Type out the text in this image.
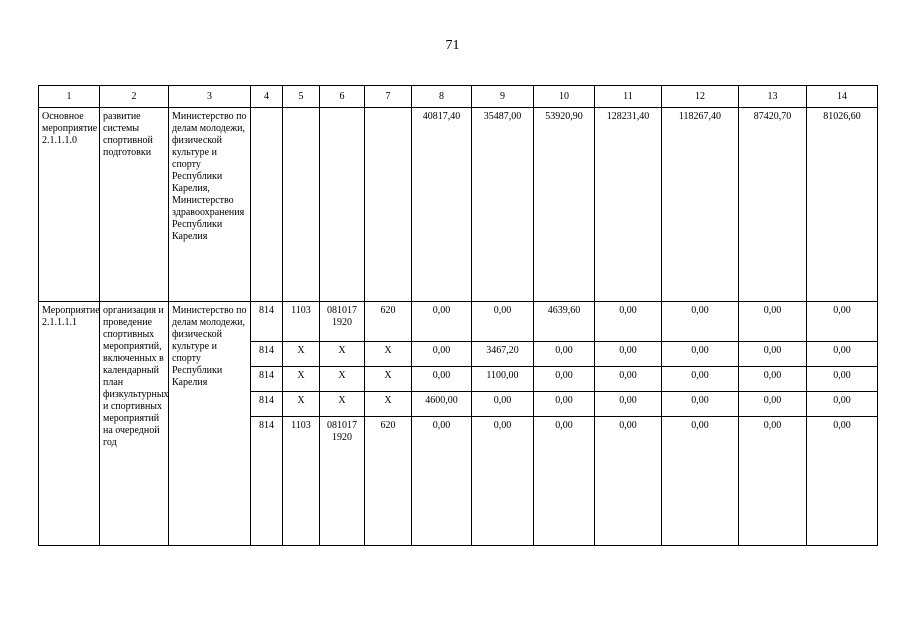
71
1	2	3	4	5	6	7	8	9	10	11	12	13	14
Основное мероприятие 2.1.1.1.0	развитие системы спортивной подготовки	Министерство по делам молодежи, физической культуре и спорту Республики Карелия, Министерство здравоохранения Республики Карелия					40817,40	35487,00	53920,90	128231,40	118267,40	87420,70	81026,60
Мероприятие 2.1.1.1.1	организация и проведение спортивных мероприятий, включенных в календарный план физкультурных и спортивных мероприятий на очередной год	Министерство по делам молодежи, физической культуре и спорту Республики Карелия	814	1103	081017 1920	620	0,00	0,00	4639,60	0,00	0,00	0,00	0,00
			814	X	X	X	0,00	3467,20	0,00	0,00	0,00	0,00	0,00
			814	X	X	X	0,00	1100,00	0,00	0,00	0,00	0,00	0,00
			814	X	X	X	4600,00	0,00	0,00	0,00	0,00	0,00	0,00
			814	1103	081017 1920	620	0,00	0,00	0,00	0,00	0,00	0,00	0,00
